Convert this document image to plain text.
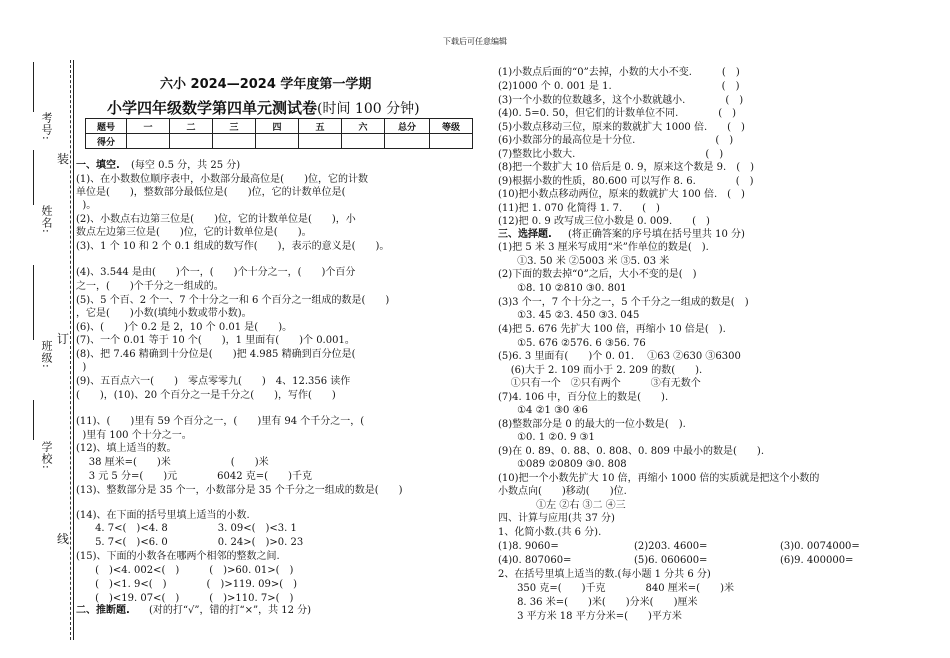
下载后可任意编辑
考号:
姓名:
班级:
学校:
装
订
线
六小 2024—2024 学年度第一学期
小学四年级数学第四单元测试卷(时间 100 分钟)
题号	一	二	三	四	五	六	总分	等级
得分								
一、填空. (每空 0.5 分，共 25 分)
(1)、在小数数位顺序表中，小数部分最高位是(　　)位，它的计数
单位是(　　)，整数部分最低位是(　　)位，它的计数单位是(
)。
(2)、小数点右边第三位是(　　)位，它的计数单位是(　　)，小
数点左边第三位是(　　)位，它的计数单位是(　　)。
(3)、1 个 10 和 2 个 0.1 组成的数写作(　　)，表示的意义是(　　)。
(4)、3.544 是由(　　)个一，(　　)个十分之一，(　　)个百分
之一，(　　)个千分之一组成的。
(5)、5 个百、2 个一、7 个十分之一和 6 个百分之一组成的数是(　　)
，它是(　　)小数(填纯小数或带小数)。
(6)、(　　)个 0.2 是 2，10 个 0.01 是(　　)。
(7)、一个 0.01 等于 10 个(　　)，1 里面有(　　)个 0.001。
(8)、把 7.46 精确到十分位是(　　)把 4.985 精确到百分位是(
)
(9)、五百点六一(　　)　零点零零九(　　)　4、12.356 读作
(　　)，(10)、20 个百分之一是千分之(　　)，写作(　　)
(11)、(　　)里有 59 个百分之一，(　　)里有 94 个千分之一，(
)里有 100 个十分之一。
(12)、填上适当的数。
38 厘米=(　　)米　　　　　　(　　)米
3 元 5 分=(　　)元　　　　6042 克=(　　)千克
(13)、整数部分是 35 个一，小数部分是 35 个千分之一组成的数是(　　)
(14)、在下面的括号里填上适当的小数.
4. 7<(　)<4. 8　　　　　3. 09<(　)<3. 1
5. 7<(　)<6. 0　　　　　0. 24>(　)>0. 23
(15)、下面的小数各在哪两个相邻的整数之间.
(　)<4. 002<(　)　　　(　)>60. 01>(　)
(　)<1. 9<(　)　　　　(　)>119. 09>(　)
(　)<19. 07<(　)　　　(　)>110. 7>(　)
二、推断题. (对的打“√”，错的打“×”，共 12 分)
(1)小数点后面的“0”去掉，小数的大小不变.　　　(　)
(2)1000 个 0. 001 是 1.　　　　　　　　　　　(　)
(3)一个小数的位数越多，这个小数就越小.　　　　(　)
(4)0. 5=0. 50，但它们的计数单位不同.　　　　(　)
(5)小数点移动三位，原来的数就扩大 1000 倍.　　(　)
(6)小数部分的最高位是十分位.　　　　　　　　(　)
(7)整数比小数大.　　　　　　　　　　　　　(　)
(8)把一个数扩大 10 倍后是 0. 9，原来这个数是 9.　(　)
(9)根据小数的性质，80.600 可以写作 8. 6.　　　　(　)
(10)把小数点移动两位，原来的数就扩大 100 倍.　(　)
(11)把 1. 070 化简得 1. 7.　　(　)
(12)把 0. 9 改写成三位小数是 0. 009.　　(　)
三、选择题. (将正确答案的序号填在括号里共 10 分)
(1)把 5 米 3 厘米写成用“米”作单位的数是(　).
①3. 50 米 ②5003 米 ③5. 03 米
(2)下面的数去掉“0”之后，大小不变的是(　)
①8. 10 ②810 ③0. 801
(3)3 个一，7 个十分之一，5 个千分之一组成的数是(　)
①3. 45 ②3. 450 ③3. 045
(4)把 5. 676 先扩大 100 倍，再缩小 10 倍是(　).
①5. 676 ②576. 6 ③56. 76
(5)6. 3 里面有(　　)个 0. 01.　 ①63 ②630 ③6300
(6)大于 2. 109 而小于 2. 209 的数(　　).
①只有一个　②只有两个　　　③有无数个
(7)4. 106 中，百分位上的数是(　　).
①4 ②1 ③0 ④6
(8)整数部分是 0 的最大的一位小数是(　).
①0. 1 ②0. 9 ③1
(9)在 0. 89、0. 88、0. 808、0. 809 中最小的数是(　　).
①089 ②0809 ③0. 808
(10)把一个小数先扩大 10 倍，再缩小 1000 倍的实质就是把这个小数的
小数点向(　　)移动(　　)位.
①左 ②右 ③二 ④三
四、计算与应用(共 37 分)
1、化简小数.(共 6 分).
(1)8. 9060=	(2)203. 4600=	(3)0. 0074000=
(4)0. 807060=	(5)6. 060600=	(6)9. 400000=
2、在括号里填上适当的数.(每小题 1 分共 6 分)
350 克=(　　)千克　　　　840 厘米=(　　)米
8. 36 米=(　　)米(　　)分米(　　)厘米
3 平方米 18 平方分米=(　　)平方米
